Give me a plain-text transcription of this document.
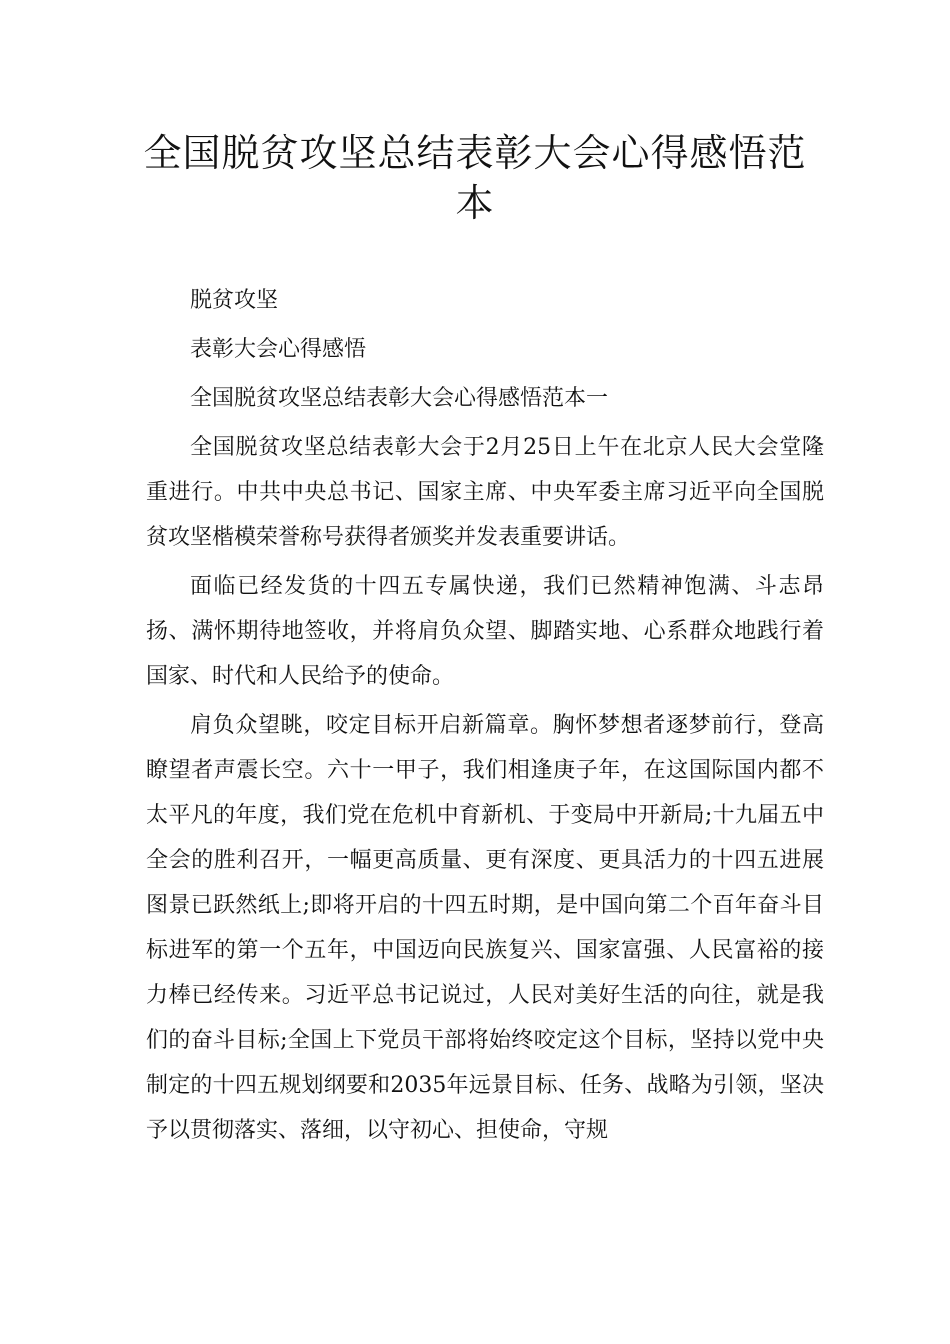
全国脱贫攻坚总结表彰大会心得感悟范本

脱贫攻坚

表彰大会心得感悟

全国脱贫攻坚总结表彰大会心得感悟范本一

全国脱贫攻坚总结表彰大会于2月25日上午在北京人民大会堂隆重进行。中共中央总书记、国家主席、中央军委主席习近平向全国脱贫攻坚楷模荣誉称号获得者颁奖并发表重要讲话。

面临已经发货的十四五专属快递，我们已然精神饱满、斗志昂扬、满怀期待地签收，并将肩负众望、脚踏实地、心系群众地践行着国家、时代和人民给予的使命。

肩负众望眺，咬定目标开启新篇章。胸怀梦想者逐梦前行，登高瞭望者声震长空。六十一甲子，我们相逢庚子年，在这国际国内都不太平凡的年度，我们党在危机中育新机、于变局中开新局;十九届五中全会的胜利召开，一幅更高质量、更有深度、更具活力的十四五进展图景已跃然纸上;即将开启的十四五时期，是中国向第二个百年奋斗目标进军的第一个五年，中国迈向民族复兴、国家富强、人民富裕的接力棒已经传来。习近平总书记说过，人民对美好生活的向往，就是我们的奋斗目标;全国上下党员干部将始终咬定这个目标，坚持以党中央制定的十四五规划纲要和2035年远景目标、任务、战略为引领，坚决予以贯彻落实、落细，以守初心、担使命，守规
